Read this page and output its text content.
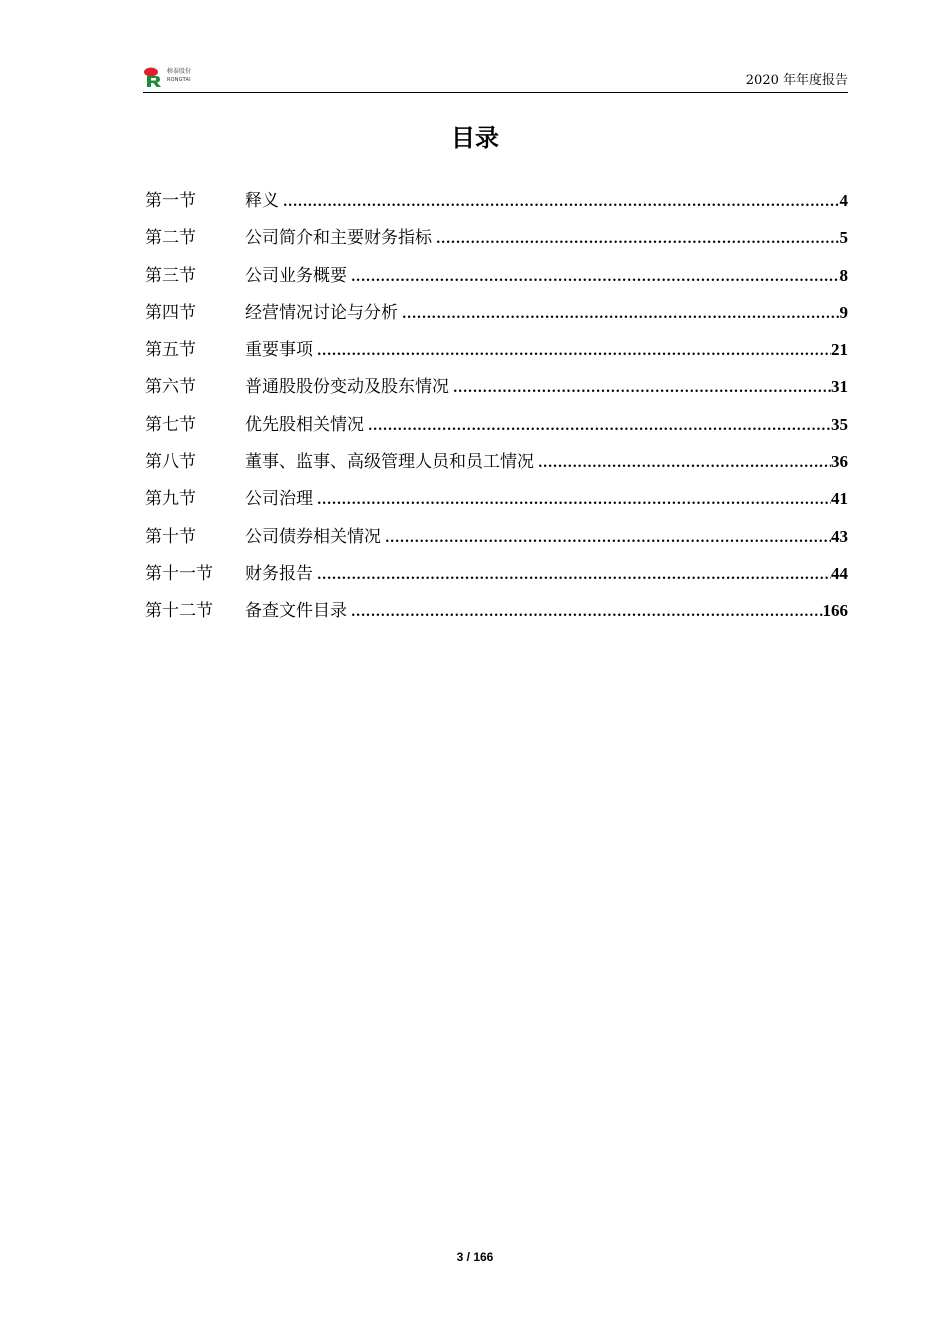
榕泰股份
RONGTAI	2020 年年度报告
目录
第一节	释义 .....	4
第二节	公司简介和主要财务指标 .....	5
第三节	公司业务概要 .....	8
第四节	经营情况讨论与分析 .....	9
第五节	重要事项 .....	21
第六节	普通股股份变动及股东情况 .....	31
第七节	优先股相关情况 .....	35
第八节	董事、监事、高级管理人员和员工情况 .....	36
第九节	公司治理 .....	41
第十节	公司债券相关情况 .....	43
第十一节	财务报告 .....	44
第十二节	备查文件目录 .....	166
3 / 166
